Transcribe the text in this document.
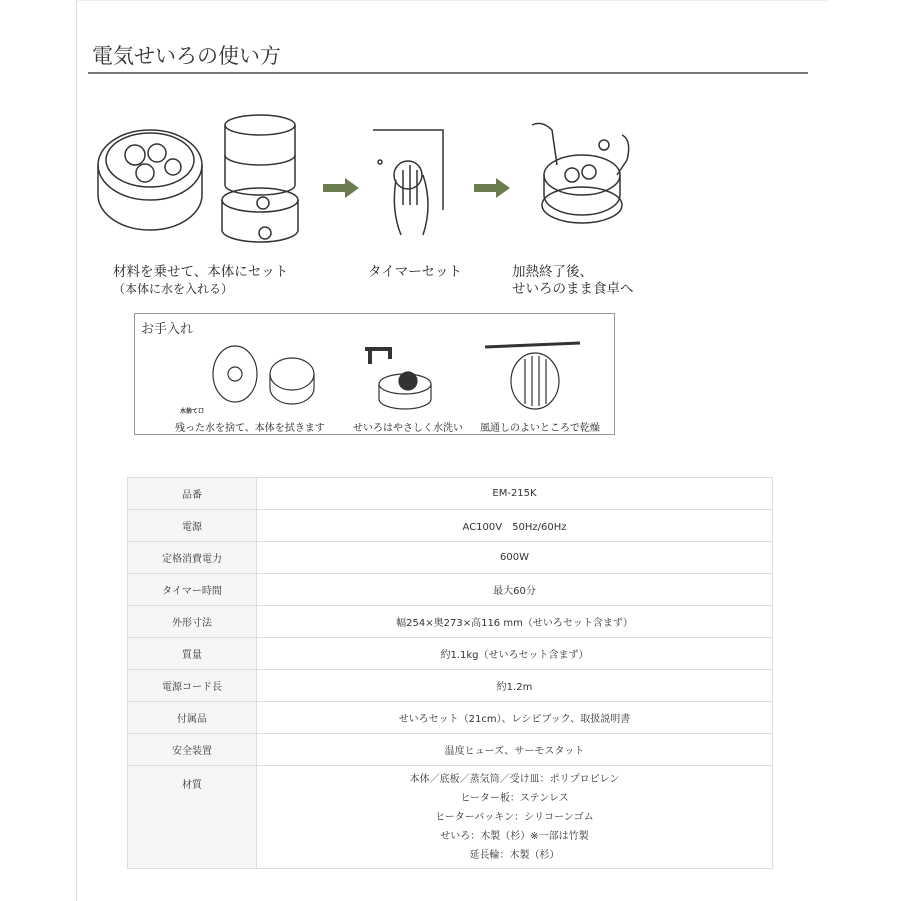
電気せいろの使い方
材料を乗せて、本体にセット
（本体に水を入れる）
タイマーセット	加熱終了後、
せいろのまま食卓へ
お手入れ
水捨て口
残った水を捨て、本体を拭きます	せいろはやさしく水洗い 風通しのよいところで乾燥
品番	EM-215K
電源	AC100V　50Hz/60Hz
定格消費電力	600W
タイマー時間	最大60分
外形寸法	幅254×奥273×高116 mm（せいろセット含まず）
質量	約1.1kg（せいろセット含まず）
電源コード長	約1.2m
付属品	せいろセット（21cm）、レシピブック、取扱説明書
安全装置	温度ヒューズ、サーモスタット
材質	本体／底板／蒸気筒／受け皿：ポリプロピレン
ヒーター板：ステンレス
ヒーターパッキン：シリコーンゴム
せいろ：木製（杉）※一部は竹製
延長輪：木製（杉）
